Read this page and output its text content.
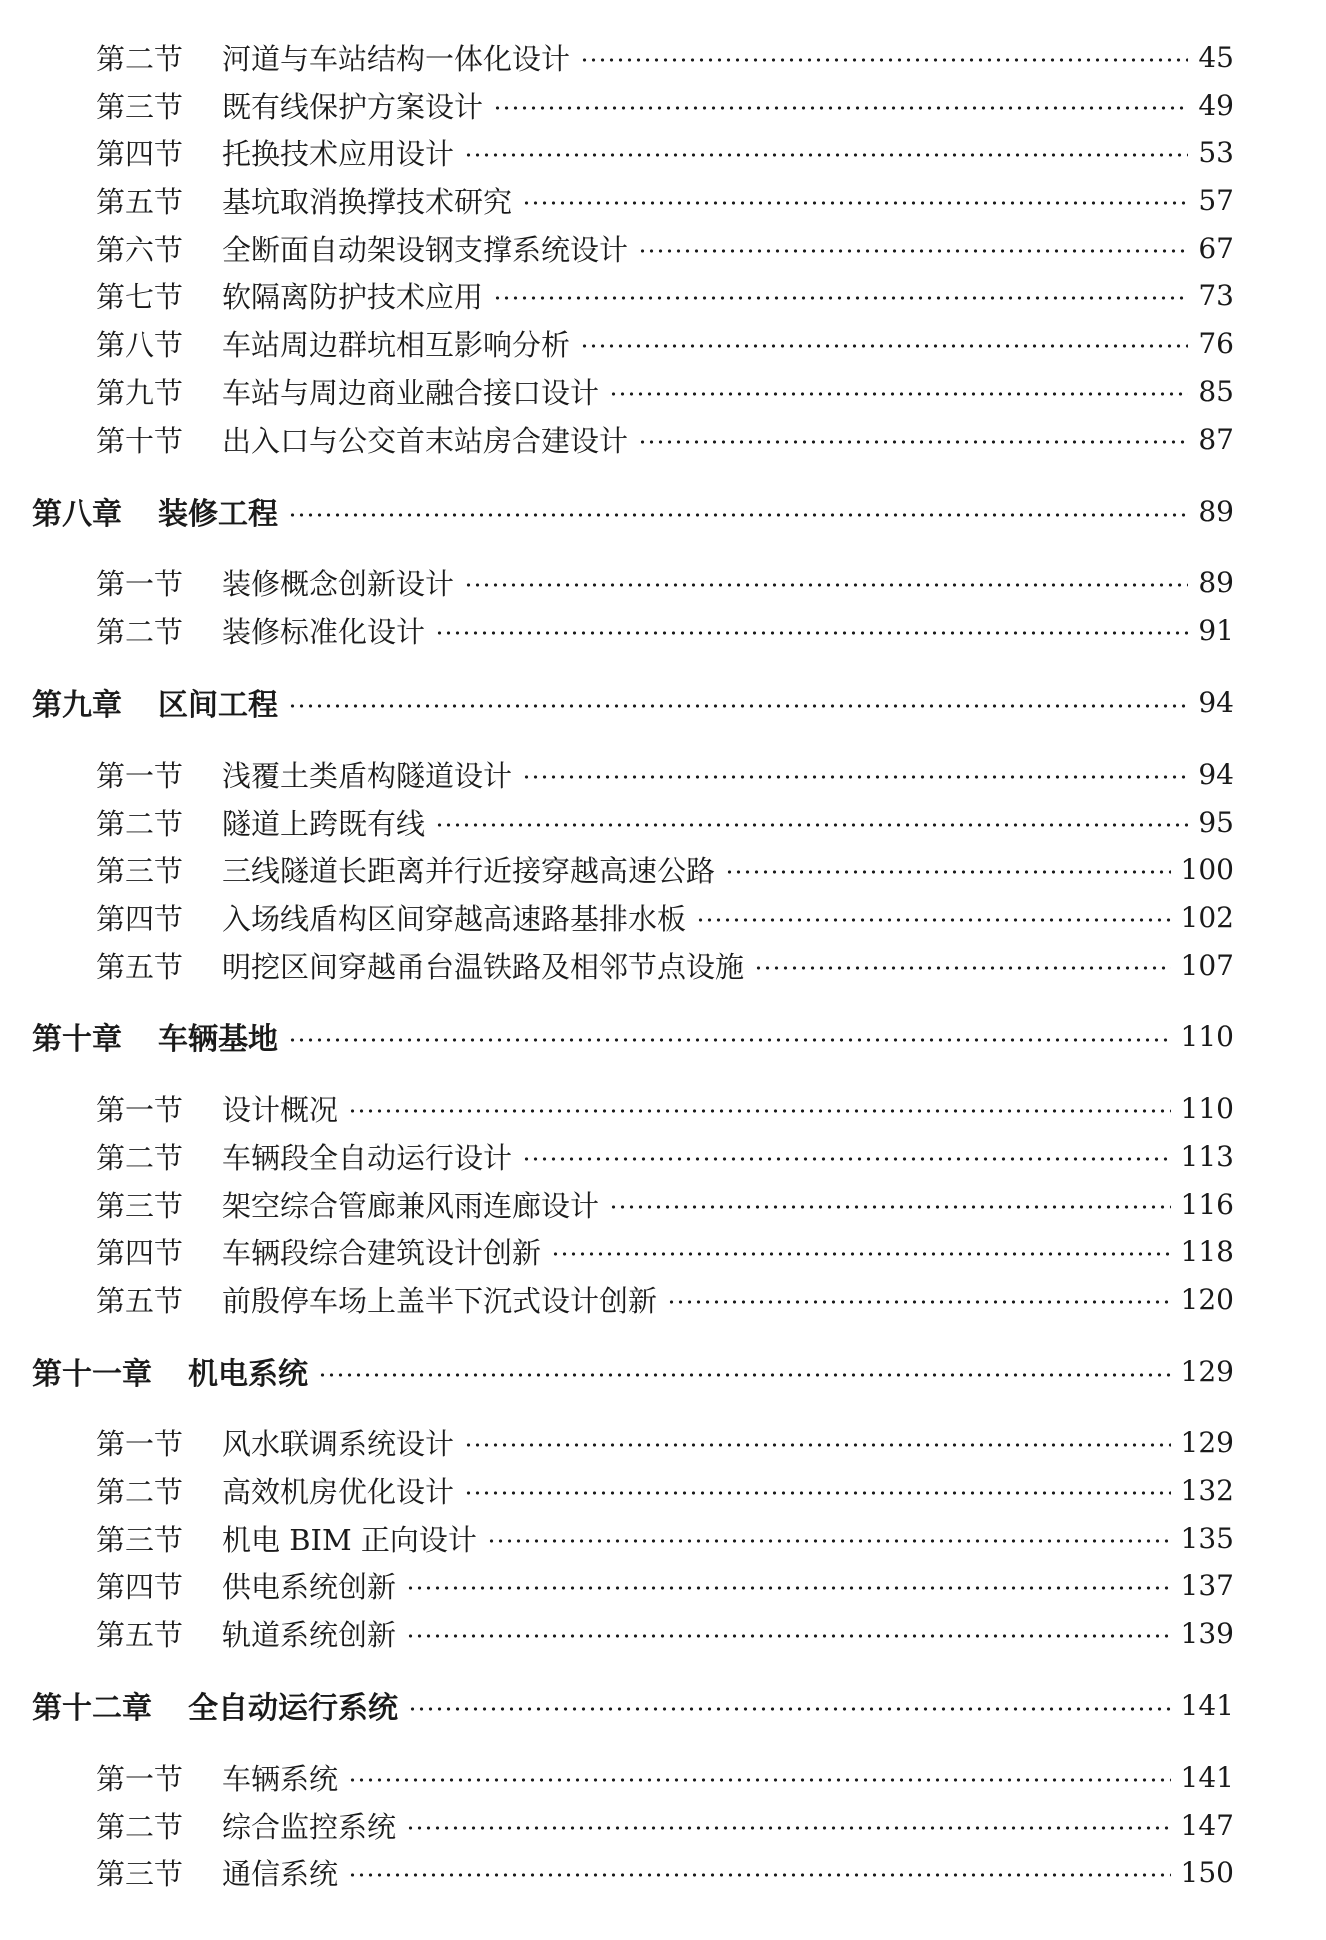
第二节	河道与车站结构一体化设计	45
第三节	既有线保护方案设计	49
第四节	托换技术应用设计	53
第五节	基坑取消换撑技术研究	57
第六节	全断面自动架设钢支撑系统设计	67
第七节	软隔离防护技术应用	73
第八节	车站周边群坑相互影响分析	76
第九节	车站与周边商业融合接口设计	85
第十节	出入口与公交首末站房合建设计	87
第八章	装修工程	89
第一节	装修概念创新设计	89
第二节	装修标准化设计	91
第九章	区间工程	94
第一节	浅覆土类盾构隧道设计	94
第二节	隧道上跨既有线	95
第三节	三线隧道长距离并行近接穿越高速公路	100
第四节	入场线盾构区间穿越高速路基排水板	102
第五节	明挖区间穿越甬台温铁路及相邻节点设施	107
第十章	车辆基地	110
第一节	设计概况	110
第二节	车辆段全自动运行设计	113
第三节	架空综合管廊兼风雨连廊设计	116
第四节	车辆段综合建筑设计创新	118
第五节	前殷停车场上盖半下沉式设计创新	120
第十一章	机电系统	129
第一节	风水联调系统设计	129
第二节	高效机房优化设计	132
第三节	机电 BIM 正向设计	135
第四节	供电系统创新	137
第五节	轨道系统创新	139
第十二章	全自动运行系统	141
第一节	车辆系统	141
第二节	综合监控系统	147
第三节	通信系统	150
